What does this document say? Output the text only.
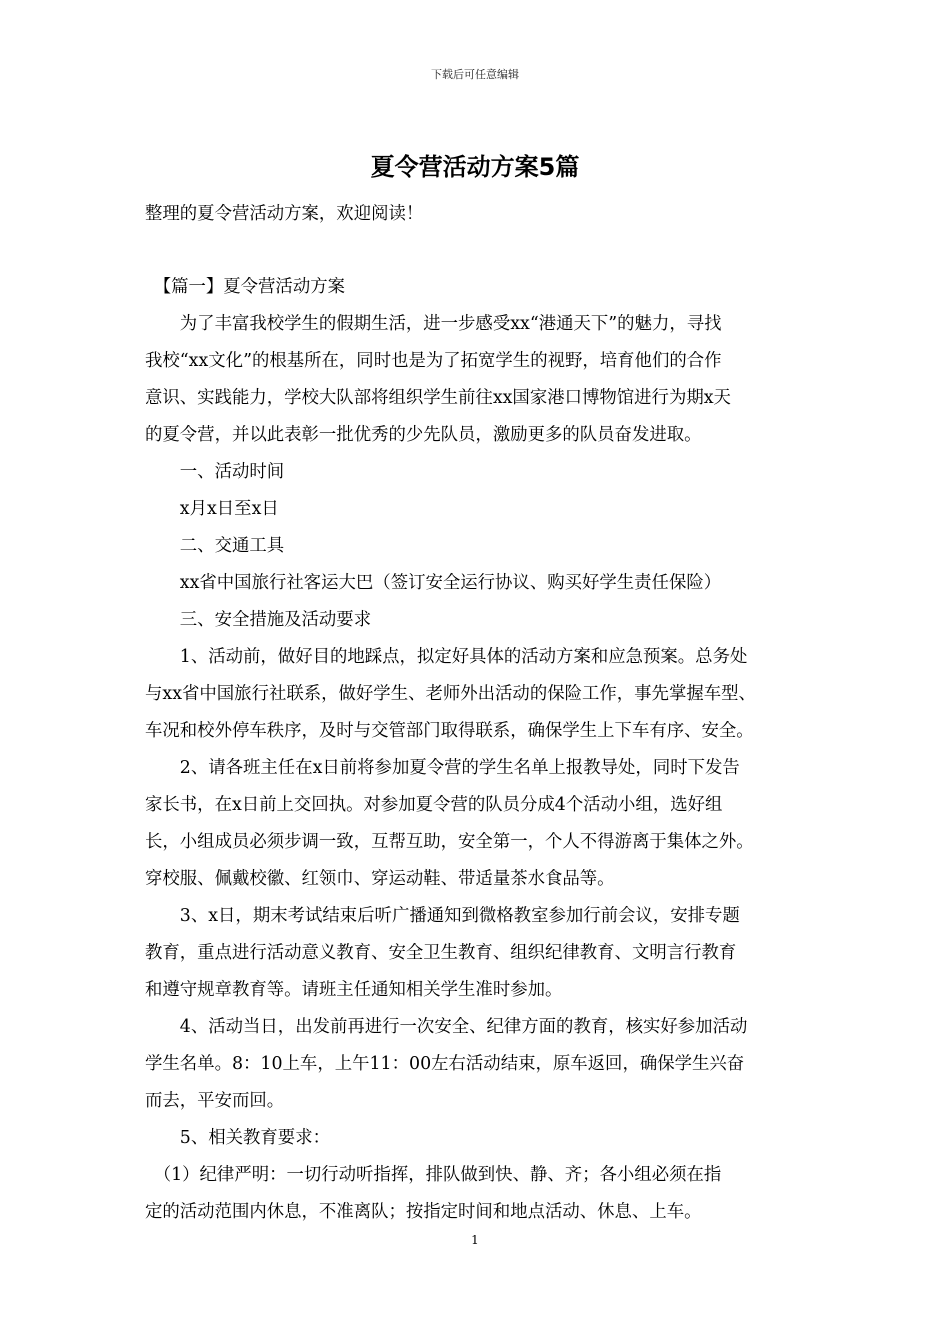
下载后可任意编辑
夏令营活动方案5篇

整理的夏令营活动方案，欢迎阅读！

　【篇一】夏令营活动方案

　　为了丰富我校学生的假期生活，进一步感受xx“港通天下”的魅力，寻找

我校“xx文化”的根基所在，同时也是为了拓宽学生的视野，培育他们的合作

意识、实践能力，学校大队部将组织学生前往xx国家港口博物馆进行为期x天

的夏令营，并以此表彰一批优秀的少先队员，激励更多的队员奋发进取。

　　一、活动时间

　　x月x日至x日

　　二、交通工具

　　xx省中国旅行社客运大巴（签订安全运行协议、购买好学生责任保险）

　　三、安全措施及活动要求

　　1、活动前，做好目的地踩点，拟定好具体的活动方案和应急预案。总务处

与xx省中国旅行社联系，做好学生、老师外出活动的保险工作，事先掌握车型、

车况和校外停车秩序，及时与交管部门取得联系，确保学生上下车有序、安全。

　　2、请各班主任在x日前将参加夏令营的学生名单上报教导处，同时下发告

家长书，在x日前上交回执。对参加夏令营的队员分成4个活动小组，选好组

长，小组成员必须步调一致，互帮互助，安全第一，个人不得游离于集体之外。

穿校服、佩戴校徽、红领巾、穿运动鞋、带适量茶水食品等。

　　3、x日，期末考试结束后听广播通知到微格教室参加行前会议，安排专题

教育，重点进行活动意义教育、安全卫生教育、组织纪律教育、文明言行教育

和遵守规章教育等。请班主任通知相关学生准时参加。

　　4、活动当日，出发前再进行一次安全、纪律方面的教育，核实好参加活动

学生名单。8：10上车，上午11：00左右活动结束，原车返回，确保学生兴奋

而去，平安而回。

　　5、相关教育要求：

　（1）纪律严明：一切行动听指挥，排队做到快、静、齐；各小组必须在指

定的活动范围内休息，不准离队；按指定时间和地点活动、休息、上车。

1
